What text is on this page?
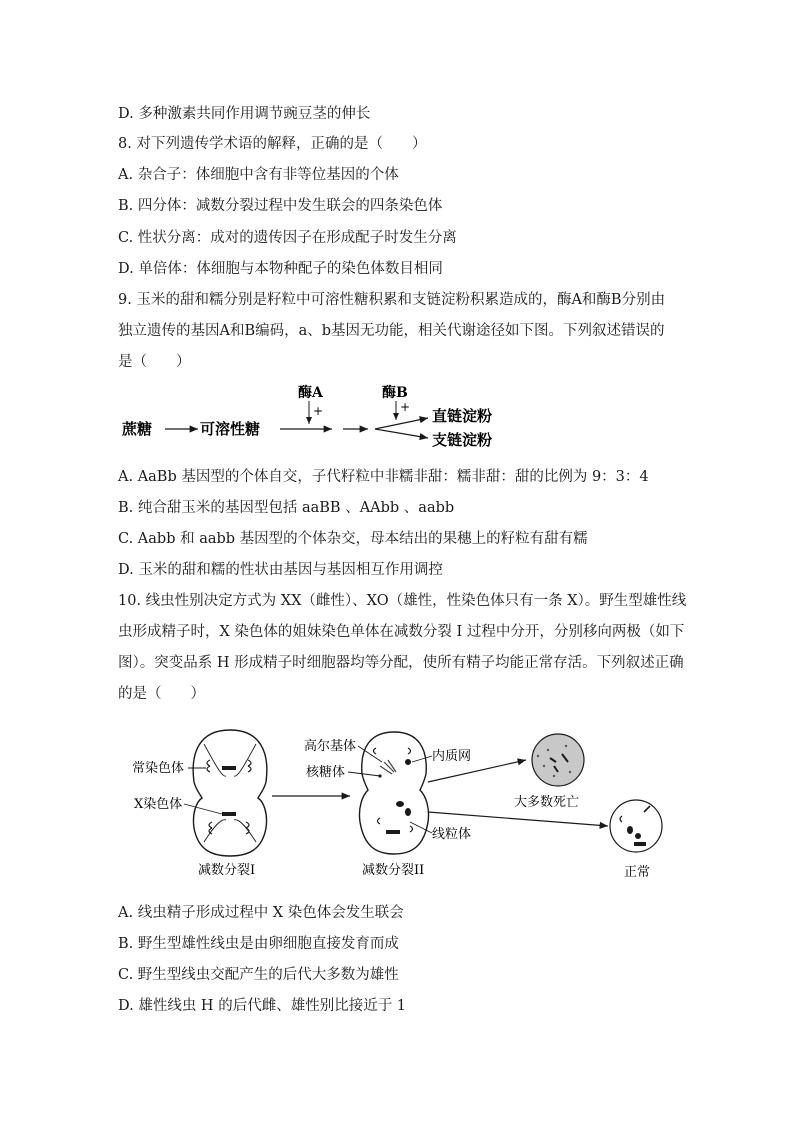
D. 多种激素共同作用调节豌豆茎的伸长
8. 对下列遗传学术语的解释，正确的是（　　）
A. 杂合子：体细胞中含有非等位基因的个体
B. 四分体：减数分裂过程中发生联会的四条染色体
C. 性状分离：成对的遗传因子在形成配子时发生分离
D. 单倍体：体细胞与本物种配子的染色体数目相同
9. 玉米的甜和糯分别是籽粒中可溶性糖积累和支链淀粉积累造成的，酶A和酶B分别由
独立遗传的基因A和B编码，a、b基因无功能，相关代谢途径如下图。下列叙述错误的
是（　　）
蔗糖	可溶性糖
酶A
+
酶B
+ 直链淀粉
支链淀粉
A. AaBb 基因型的个体自交，子代籽粒中非糯非甜：糯非甜：甜的比例为 9：3：4
B. 纯合甜玉米的基因型包括 aaBB 、AAbb 、aabb
C. Aabb 和 aabb 基因型的个体杂交，母本结出的果穗上的籽粒有甜有糯
D. 玉米的甜和糯的性状由基因与基因相互作用调控
10. 线虫性别决定方式为 XX（雌性）、XO（雄性，性染色体只有一条 X）。野生型雄性线
虫形成精子时，X 染色体的姐妹染色单体在减数分裂 I 过程中分开，分别移向两极（如下
图）。突变品系 H 形成精子时细胞器均等分配，使所有精子均能正常存活。下列叙述正确
的是（　　）
常染色体
X染色体
减数分裂I
高尔基体
核糖体
内质网
线粒体
减数分裂II
大多数死亡
正常
A. 线虫精子形成过程中 X 染色体会发生联会
B. 野生型雄性线虫是由卵细胞直接发育而成
C. 野生型线虫交配产生的后代大多数为雄性
D. 雄性线虫 H 的后代雌、雄性别比接近于 1
